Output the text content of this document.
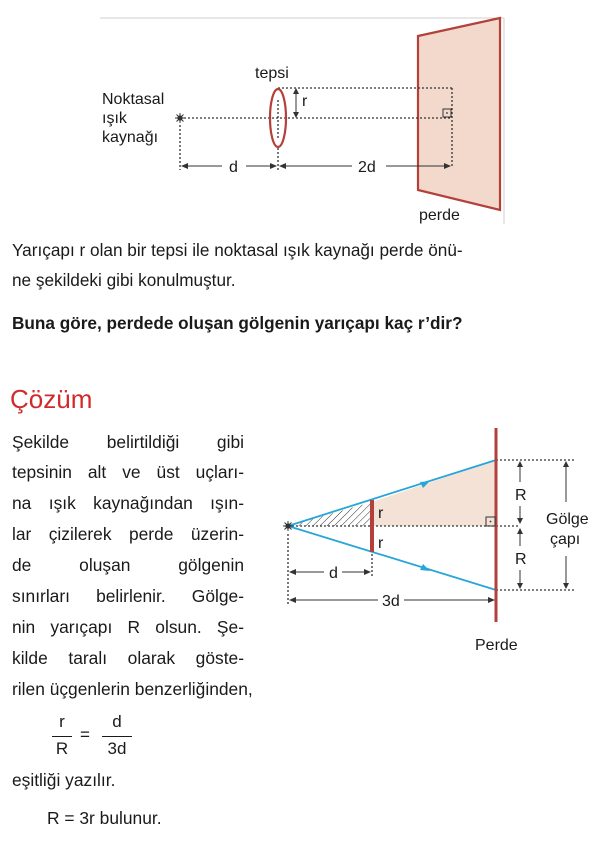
Noktasal
ışık
kaynağı
tepsi
r
d	2d
perde
Yarıçapı r olan bir tepsi ile noktasal ışık kaynağı perde önü-
ne şekildeki gibi konulmuştur.
Buna göre, perdede oluşan gölgenin yarıçapı kaç r’dir?
Çözüm
Şekilde belirtildiği gibi
tepsinin alt ve üst uçları-
na ışık kaynağından ışın-
lar çizilerek perde üzerin-
de oluşan gölgenin
sınırları belirlenir. Gölge-
nin yarıçapı R olsun. Şe-
kilde taralı olarak göste-
rilen üçgenlerin benzerliğinden,
r
R
=
d
3d
eşitliği yazılır.
R = 3r bulunur.
r
r
R
R
Gölge
çapı
d
3d
Perde
